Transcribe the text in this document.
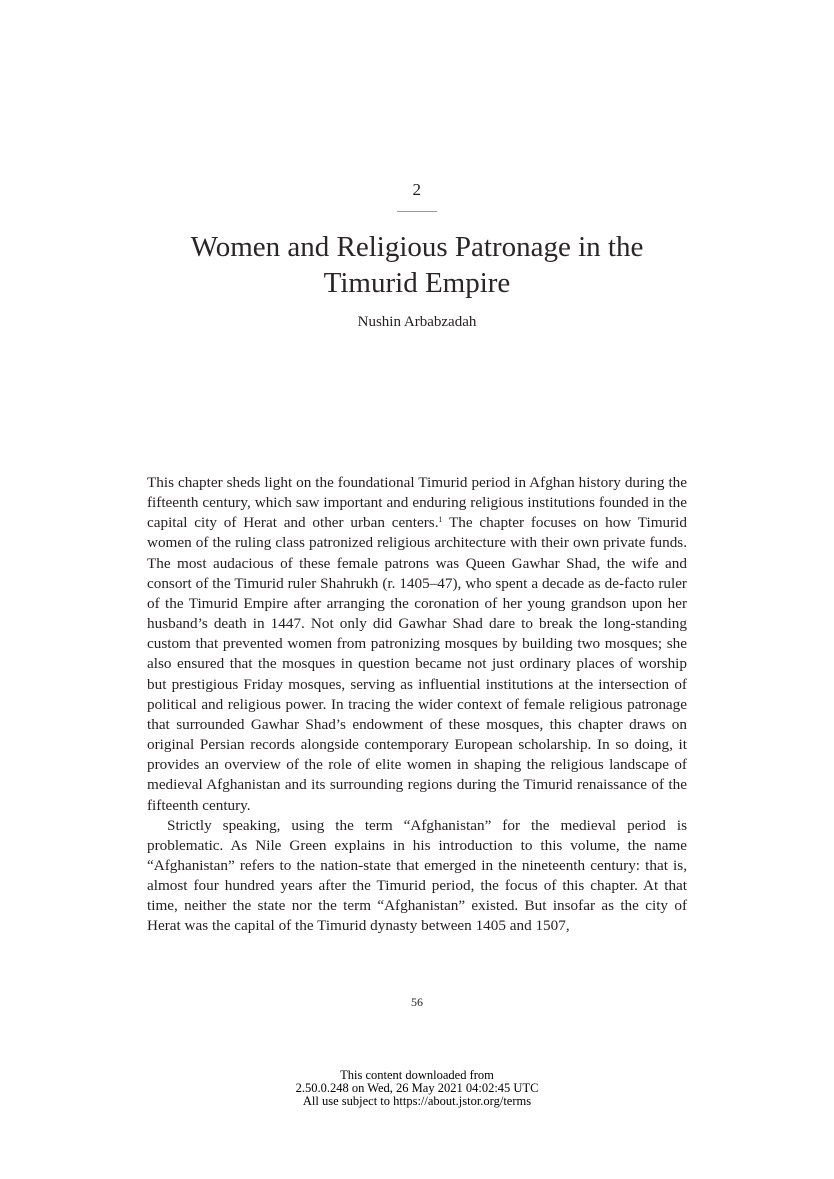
2
Women and Religious Patronage in the
Timurid Empire
Nushin Arbabzadah

This chapter sheds light on the foundational Timurid period in Afghan history during the fifteenth century, which saw important and enduring religious institutions founded in the capital city of Herat and other urban centers.$^1$ The chapter focuses on how Timurid women of the ruling class patronized religious architecture with their own private funds. The most audacious of these female patrons was Queen Gawhar Shad, the wife and consort of the Timurid ruler Shahrukh (r. 1405–47), who spent a decade as de-facto ruler of the Timurid Empire after arranging the coronation of her young grandson upon her husband’s death in 1447. Not only did Gawhar Shad dare to break the long-standing custom that prevented women from patronizing mosques by building two mosques; she also ensured that the mosques in question became not just ordinary places of worship but prestigious Friday mosques, serving as influential institutions at the intersection of political and religious power. In tracing the wider context of female religious patronage that surrounded Gawhar Shad’s endowment of these mosques, this chapter draws on original Persian records alongside contemporary European scholarship. In so doing, it provides an overview of the role of elite women in shaping the religious landscape of medieval Afghanistan and its surrounding regions during the Timurid renaissance of the fifteenth century.

Strictly speaking, using the term “Afghanistan” for the medieval period is problematic. As Nile Green explains in his introduction to this volume, the name “Afghanistan” refers to the nation-state that emerged in the nineteenth century: that is, almost four hundred years after the Timurid period, the focus of this chapter. At that time, neither the state nor the term “Afghanistan” existed. But insofar as the city of Herat was the capital of the Timurid dynasty between 1405 and 1507,

56
This content downloaded from
2.50.0.248 on Wed, 26 May 2021 04:02:45 UTC
All use subject to https://about.jstor.org/terms
